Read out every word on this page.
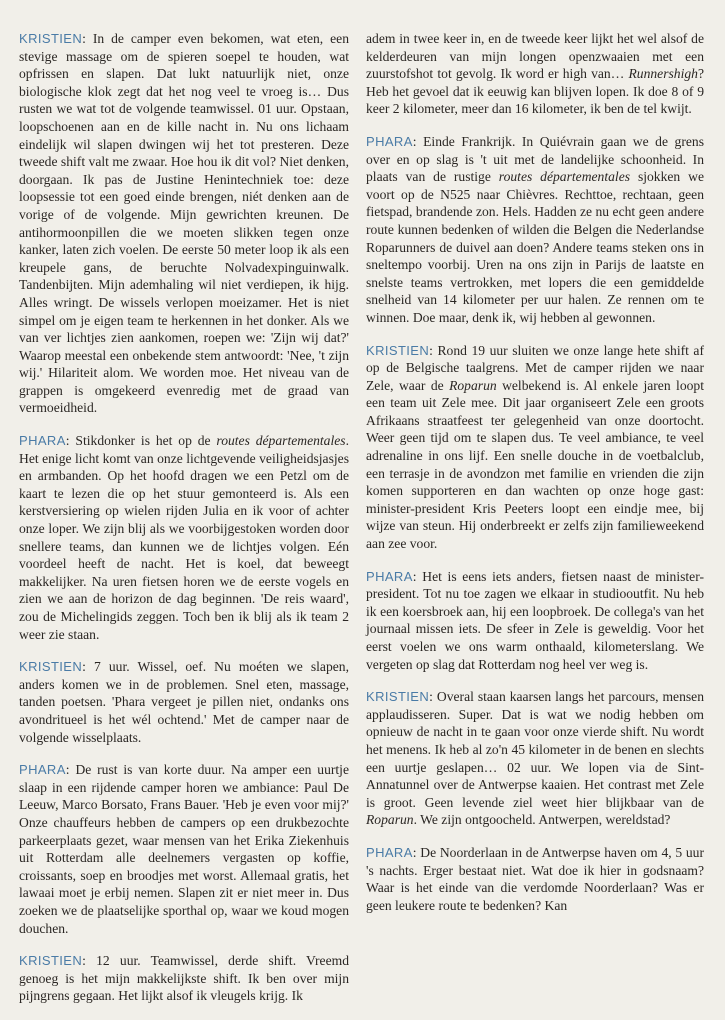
KRISTIEN: In de camper even bekomen, wat eten, een stevige massage om de spieren soepel te houden, wat opfrissen en slapen. Dat lukt natuurlijk niet, onze biologische klok zegt dat het nog veel te vroeg is… Dus rusten we wat tot de volgende teamwissel. 01 uur. Opstaan, loopschoenen aan en de kille nacht in. Nu ons lichaam eindelijk wil slapen dwingen wij het tot presteren. Deze tweede shift valt me zwaar. Hoe hou ik dit vol? Niet denken, doorgaan. Ik pas de Justine Henintechniek toe: deze loopsessie tot een goed einde brengen, niét denken aan de vorige of de volgende. Mijn gewrichten kreunen. De antihormoonpillen die we moeten slikken tegen onze kanker, laten zich voelen. De eerste 50 meter loop ik als een kreupele gans, de beruchte Nolvadexpinguinwalk. Tandenbijten. Mijn ademhaling wil niet verdiepen, ik hijg. Alles wringt. De wissels verlopen moeizamer. Het is niet simpel om je eigen team te herkennen in het donker. Als we van ver lichtjes zien aankomen, roepen we: 'Zijn wij dat?' Waarop meestal een onbekende stem antwoordt: 'Nee, 't zijn wij.' Hilariteit alom. We worden moe. Het niveau van de grappen is omgekeerd evenredig met de graad van vermoeidheid.

PHARA: Stikdonker is het op de routes départementales. Het enige licht komt van onze lichtgevende veiligheidsjasjes en armbanden. Op het hoofd dragen we een Petzl om de kaart te lezen die op het stuur gemonteerd is. Als een kerstversiering op wielen rijden Julia en ik voor of achter onze loper. We zijn blij als we voorbijgestoken worden door snellere teams, dan kunnen we de lichtjes volgen. Eén voordeel heeft de nacht. Het is koel, dat beweegt makkelijker. Na uren fietsen horen we de eerste vogels en zien we aan de horizon de dag beginnen. 'De reis waard', zou de Michelingids zeggen. Toch ben ik blij als ik team 2 weer zie staan.

KRISTIEN: 7 uur. Wissel, oef. Nu moéten we slapen, anders komen we in de problemen. Snel eten, massage, tanden poetsen. 'Phara vergeet je pillen niet, ondanks ons avondritueel is het wél ochtend.' Met de camper naar de volgende wisselplaats.

PHARA: De rust is van korte duur. Na amper een uurtje slaap in een rijdende camper horen we ambiance: Paul De Leeuw, Marco Borsato, Frans Bauer. 'Heb je even voor mij?' Onze chauffeurs hebben de campers op een drukbezochte parkeerplaats gezet, waar mensen van het Erika Ziekenhuis uit Rotterdam alle deelnemers vergasten op koffie, croissants, soep en broodjes met worst. Allemaal gratis, het lawaai moet je erbij nemen. Slapen zit er niet meer in. Dus zoeken we de plaatselijke sporthal op, waar we koud mogen douchen.

KRISTIEN: 12 uur. Teamwissel, derde shift. Vreemd genoeg is het mijn makkelijkste shift. Ik ben over mijn pijngrens gegaan. Het lijkt alsof ik vleugels krijg. Ik

adem in twee keer in, en de tweede keer lijkt het wel alsof de kelderdeuren van mijn longen openzwaaien met een zuurstofshot tot gevolg. Ik word er high van… Runnershigh? Heb het gevoel dat ik eeuwig kan blijven lopen. Ik doe 8 of 9 keer 2 kilometer, meer dan 16 kilometer, ik ben de tel kwijt.

PHARA: Einde Frankrijk. In Quiévrain gaan we de grens over en op slag is 't uit met de landelijke schoonheid. In plaats van de rustige routes départementales sjokken we voort op de N525 naar Chièvres. Rechttoe, rechtaan, geen fietspad, brandende zon. Hels. Hadden ze nu echt geen andere route kunnen bedenken of wilden die Belgen die Nederlandse Roparunners de duivel aan doen? Andere teams steken ons in sneltempo voorbij. Uren na ons zijn in Parijs de laatste en snelste teams vertrokken, met lopers die een gemiddelde snelheid van 14 kilometer per uur halen. Ze rennen om te winnen. Doe maar, denk ik, wij hebben al gewonnen.

KRISTIEN: Rond 19 uur sluiten we onze lange hete shift af op de Belgische taalgrens. Met de camper rijden we naar Zele, waar de Roparun welbekend is. Al enkele jaren loopt een team uit Zele mee. Dit jaar organiseert Zele een groots Afrikaans straatfeest ter gelegenheid van onze doortocht. Weer geen tijd om te slapen dus. Te veel ambiance, te veel adrenaline in ons lijf. Een snelle douche in de voetbalclub, een terrasje in de avondzon met familie en vrienden die zijn komen supporteren en dan wachten op onze hoge gast: minister-president Kris Peeters loopt een eindje mee, bij wijze van steun. Hij onderbreekt er zelfs zijn familieweekend aan zee voor.

PHARA: Het is eens iets anders, fietsen naast de minister-president. Tot nu toe zagen we elkaar in studiooutfit. Nu heb ik een koersbroek aan, hij een loopbroek. De collega's van het journaal missen iets. De sfeer in Zele is geweldig. Voor het eerst voelen we ons warm onthaald, kilometerslang. We vergeten op slag dat Rotterdam nog heel ver weg is.

KRISTIEN: Overal staan kaarsen langs het parcours, mensen applaudisseren. Super. Dat is wat we nodig hebben om opnieuw de nacht in te gaan voor onze vierde shift. Nu wordt het menens. Ik heb al zo'n 45 kilometer in de benen en slechts een uurtje geslapen… 02 uur. We lopen via de Sint-Annatunnel over de Antwerpse kaaien. Het contrast met Zele is groot. Geen levende ziel weet hier blijkbaar van de Roparun. We zijn ontgoocheld. Antwerpen, wereldstad?

PHARA: De Noorderlaan in de Antwerpse haven om 4, 5 uur 's nachts. Erger bestaat niet. Wat doe ik hier in godsnaam? Waar is het einde van die verdomde Noorderlaan? Was er geen leukere route te bedenken? Kan
